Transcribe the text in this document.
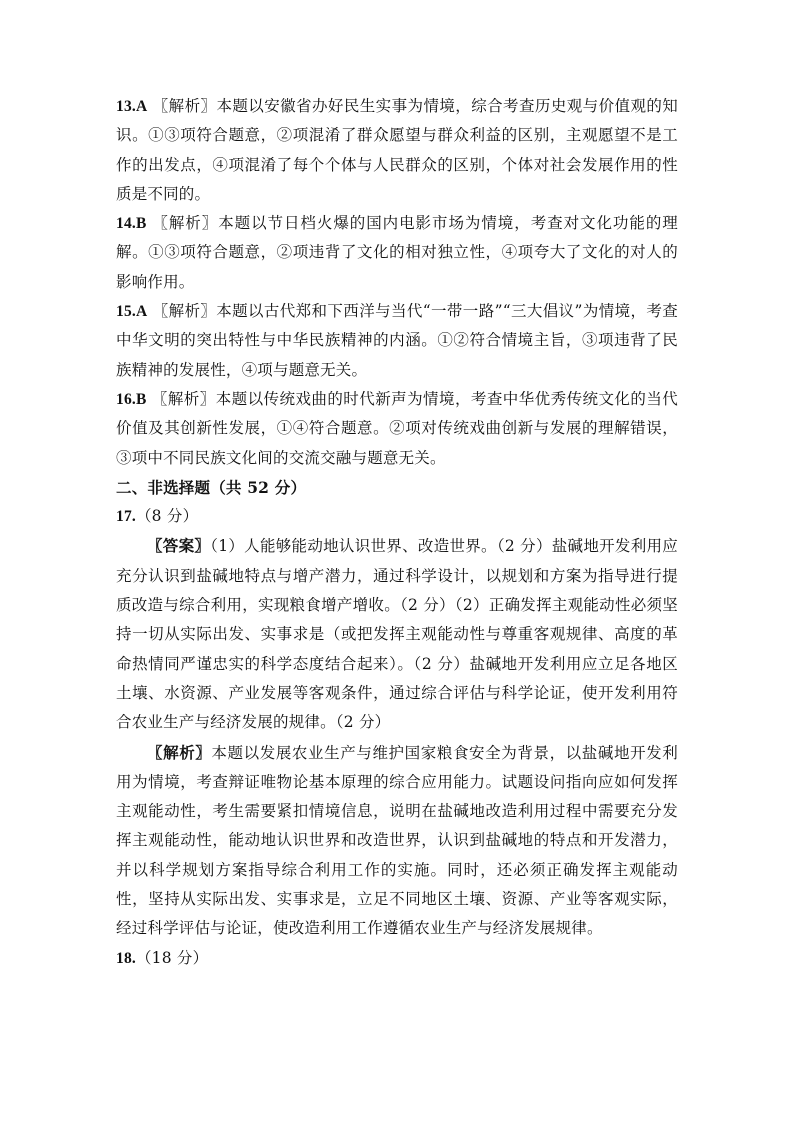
13.A 〖解析〗本题以安徽省办好民生实事为情境，综合考查历史观与价值观的知识。①③项符合题意，②项混淆了群众愿望与群众利益的区别，主观愿望不是工作的出发点，④项混淆了每个个体与人民群众的区别，个体对社会发展作用的性质是不同的。

14.B 〖解析〗本题以节日档火爆的国内电影市场为情境，考查对文化功能的理解。①③项符合题意，②项违背了文化的相对独立性，④项夸大了文化的对人的影响作用。

15.A 〖解析〗本题以古代郑和下西洋与当代“一带一路”“三大倡议”为情境，考查中华文明的突出特性与中华民族精神的内涵。①②符合情境主旨，③项违背了民族精神的发展性，④项与题意无关。

16.B 〖解析〗本题以传统戏曲的时代新声为情境，考查中华优秀传统文化的当代价值及其创新性发展，①④符合题意。②项对传统戏曲创新与发展的理解错误，③项中不同民族文化间的交流交融与题意无关。

二、非选择题（共 52 分）

17.（8 分）

〖答案〗（1）人能够能动地认识世界、改造世界。（2 分）盐碱地开发利用应充分认识到盐碱地特点与增产潜力，通过科学设计，以规划和方案为指导进行提质改造与综合利用，实现粮食增产增收。（2 分）（2）正确发挥主观能动性必须坚持一切从实际出发、实事求是（或把发挥主观能动性与尊重客观规律、高度的革命热情同严谨忠实的科学态度结合起来）。（2 分）盐碱地开发利用应立足各地区土壤、水资源、产业发展等客观条件，通过综合评估与科学论证，使开发利用符合农业生产与经济发展的规律。（2 分）

〖解析〗本题以发展农业生产与维护国家粮食安全为背景，以盐碱地开发利用为情境，考查辩证唯物论基本原理的综合应用能力。试题设问指向应如何发挥主观能动性，考生需要紧扣情境信息，说明在盐碱地改造利用过程中需要充分发挥主观能动性，能动地认识世界和改造世界，认识到盐碱地的特点和开发潜力，并以科学规划方案指导综合利用工作的实施。同时，还必须正确发挥主观能动性，坚持从实际出发、实事求是，立足不同地区土壤、资源、产业等客观实际，经过科学评估与论证，使改造利用工作遵循农业生产与经济发展规律。

18.（18 分）
